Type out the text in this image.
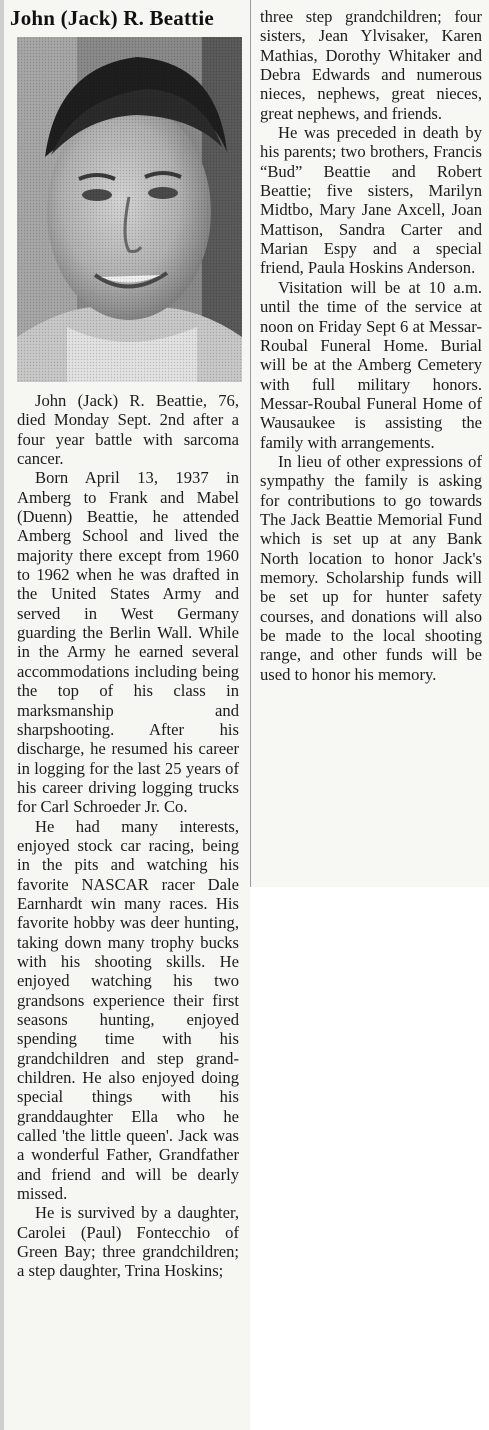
John (Jack) R. Beattie

John (Jack) R. Beattie, 76, died Monday Sept. 2nd after a four year battle with sarcoma cancer.

Born April 13, 1937 in Amberg to Frank and Mabel (Duenn) Beattie, he attended Amberg School and lived the majority there except from 1960 to 1962 when he was drafted in the United States Army and served in West Germany guarding the Berlin Wall. While in the Army he earned several accommodations including being the top of his class in marksmanship and sharpshooting. After his discharge, he resumed his career in logging for the last 25 years of his career driving logging trucks for Carl Schroeder Jr. Co.

He had many interests, enjoyed stock car racing, being in the pits and watching his favorite NASCAR racer Dale Earnhardt win many races. His favorite hobby was deer hunting, taking down many trophy bucks with his shooting skills. He enjoyed watching his two grandsons experience their first seasons hunting, enjoyed spending time with his grandchildren and step grand-children. He also enjoyed doing special things with his granddaughter Ella who he called 'the little queen'. Jack was a wonderful Father, Grandfather and friend and will be dearly missed.

He is survived by a daughter, Carolei (Paul) Fontecchio of Green Bay; three grandchildren; a step daughter, Trina Hoskins;

three step grandchildren; four sisters, Jean Ylvisaker, Karen Mathias, Dorothy Whitaker and Debra Edwards and numerous nieces, nephews, great nieces, great nephews, and friends.

He was preceded in death by his parents; two brothers, Francis “Bud” Beattie and Robert Beattie; five sisters, Marilyn Midtbo, Mary Jane Axcell, Joan Mattison, Sandra Carter and Marian Espy and a special friend, Paula Hoskins Anderson.

Visitation will be at 10 a.m. until the time of the service at noon on Friday Sept 6 at Messar-Roubal Funeral Home. Burial will be at the Amberg Cemetery with full military honors. Messar-Roubal Funeral Home of Wausaukee is assisting the family with arrangements.

In lieu of other expressions of sympathy the family is asking for contributions to go towards The Jack Beattie Memorial Fund which is set up at any Bank North location to honor Jack's memory. Scholarship funds will be set up for hunter safety courses, and donations will also be made to the local shooting range, and other funds will be used to honor his memory.
